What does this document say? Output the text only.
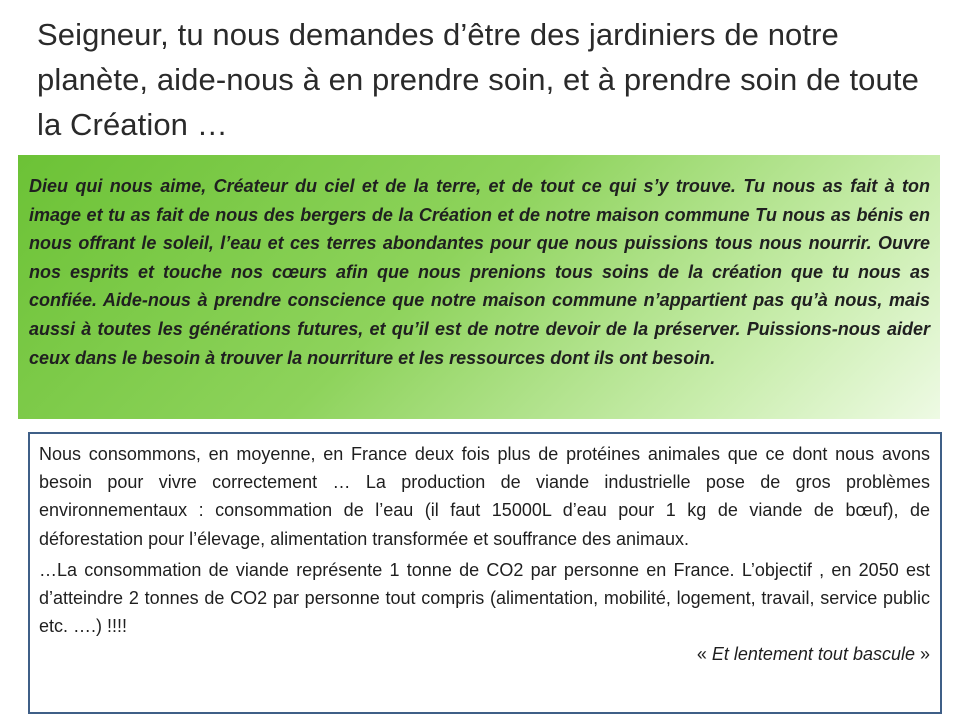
Seigneur, tu nous demandes d’être des jardiniers de notre planète, aide-nous à en prendre soin, et à prendre soin de toute la Création …
Dieu qui nous aime, Créateur du ciel et de la terre, et de tout ce qui s’y trouve. Tu nous as fait à ton image et tu as fait de nous des bergers de la Création et de notre maison commune Tu nous as bénis en nous offrant le soleil, l’eau et ces terres abondantes pour que nous puissions tous nous nourrir. Ouvre nos esprits et touche nos cœurs afin que nous prenions tous soins de la création que tu nous as confiée. Aide-nous à prendre conscience que notre maison commune n’appartient pas qu’à nous, mais aussi à toutes les générations futures, et qu’il est de notre devoir de la préserver. Puissions-nous aider ceux dans le besoin à trouver la nourriture et les ressources dont ils ont besoin.

Nous consommons, en moyenne, en France deux fois plus de protéines animales que ce dont nous avons besoin pour vivre correctement … La production de viande industrielle pose de gros problèmes environnementaux : consommation de l’eau (il faut 15000L d’eau pour 1 kg de viande de bœuf), de déforestation pour l’élevage, alimentation transformée et souffrance des animaux.

…La consommation de viande représente 1 tonne de CO2 par personne en France. L’objectif , en 2050 est d’atteindre 2 tonnes de CO2 par personne tout compris (alimentation, mobilité, logement, travail, service public etc. ….) !!!!

« Et lentement tout bascule »
